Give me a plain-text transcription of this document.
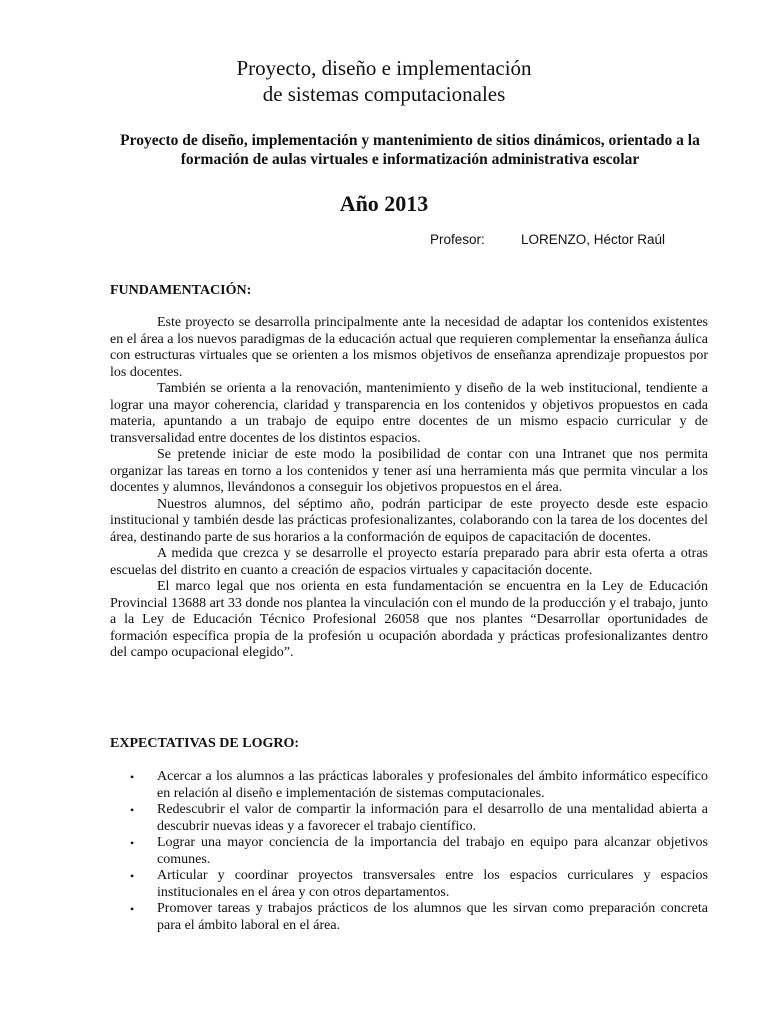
Proyecto, diseño e implementación
de sistemas computacionales
Proyecto de diseño, implementación y mantenimiento de sitios dinámicos, orientado a la formación de aulas virtuales e informatización administrativa escolar
Año 2013
Profesor:	LORENZO, Héctor Raúl
FUNDAMENTACIÓN:

Este proyecto se desarrolla principalmente ante la necesidad de adaptar los contenidos existentes en el área a los nuevos paradigmas de la educación actual que requieren complementar la enseñanza áulica con estructuras virtuales que se orienten a los mismos objetivos de enseñanza aprendizaje propuestos por los docentes.

También se orienta a la renovación, mantenimiento y diseño de la web institucional, tendiente a lograr una mayor coherencia, claridad y transparencia en los contenidos y objetivos propuestos en cada materia, apuntando a un trabajo de equipo entre docentes de un mismo espacio curricular y de transversalidad entre docentes de los distintos espacios.

Se pretende iniciar de este modo la posibilidad de contar con una Intranet que nos permita organizar las tareas en torno a los contenidos y tener así una herramienta más que permita vincular a los docentes y alumnos, llevándonos a conseguir los objetivos propuestos en el área.

Nuestros alumnos, del séptimo año, podrán participar de este proyecto desde este espacio institucional y también desde las prácticas profesionalizantes, colaborando con la tarea de los docentes del área, destinando parte de sus horarios a la conformación de equipos de capacitación de docentes.

A medida que crezca y se desarrolle el proyecto estaría preparado para abrir esta oferta a otras escuelas del distrito en cuanto a creación de espacios virtuales y capacitación docente.

El marco legal que nos orienta en esta fundamentación se encuentra en la Ley de Educación Provincial 13688 art 33 donde nos plantea la vinculación con el mundo de la producción y el trabajo, junto a la Ley de Educación Técnico Profesional 26058 que nos plantes “Desarrollar oportunidades de formación específica propia de la profesión u ocupación abordada y prácticas profesionalizantes dentro del campo ocupacional elegido”.

EXPECTATIVAS DE LOGRO:
•	Acercar a los alumnos a las prácticas laborales y profesionales del ámbito informático específico en relación al diseño e implementación de sistemas computacionales.
•	Redescubrir el valor de compartir la información para el desarrollo de una mentalidad abierta a descubrir nuevas ideas y a favorecer el trabajo científico.
•	Lograr una mayor conciencia de la importancia del trabajo en equipo para alcanzar objetivos comunes.
•	Articular y coordinar proyectos transversales entre los espacios curriculares y espacios institucionales en el área y con otros departamentos.
•	Promover tareas y trabajos prácticos de los alumnos que les sirvan como preparación concreta para el ámbito laboral en el área.
